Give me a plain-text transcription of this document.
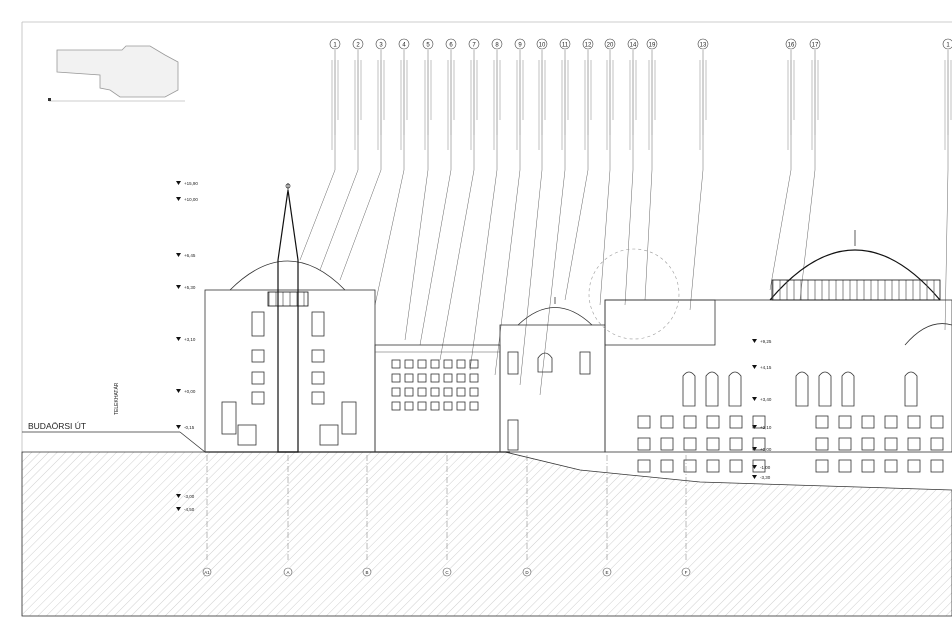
1	2	3	4	5	6	7	8	9	10	11	12	20	14 19	13	16	17	1
+15,90
+10,00
+6,45
+5,30
+3,10
+0,00
-0,15
-3,00
-4,50
+9,25
+4,15
+3,40
+2,10
+0,00
-1,00
-3,30
A1	A	B	C	D	E	F
BUDAÖRSI ÚT
TELEKHATÁR
